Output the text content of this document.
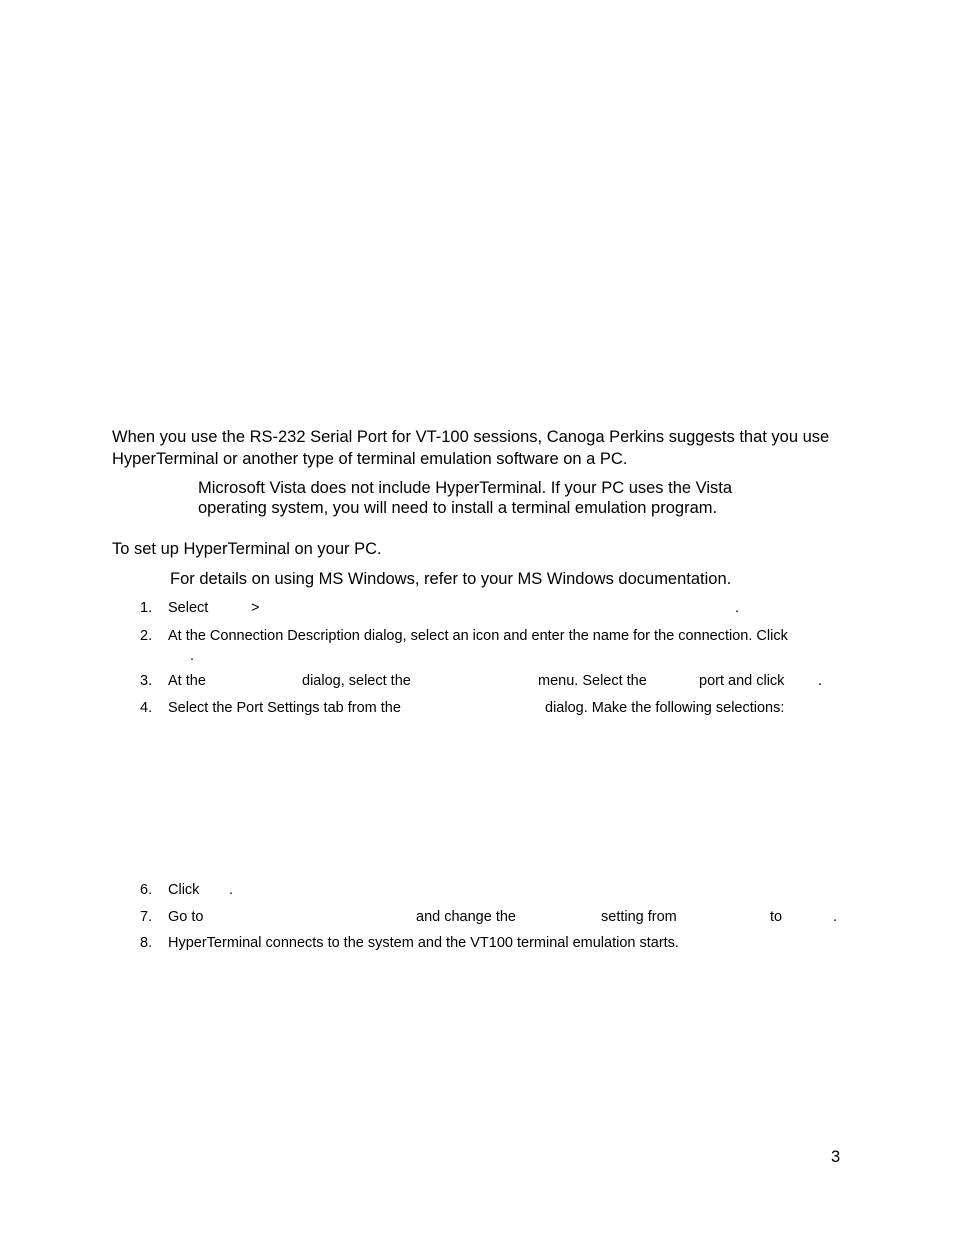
When you use the RS-232 Serial Port for VT-100 sessions, Canoga Perkins suggests that you use HyperTerminal or another type of terminal emulation software on a PC.
Microsoft Vista does not include HyperTerminal. If your PC uses the Vista operating system, you will need to install a terminal emulation program.
To set up HyperTerminal on your PC.
For details on using MS Windows, refer to your MS Windows documentation.
1. Select	>	.
2. At the Connection Description dialog, select an icon and enter the name for the connection. Click
.
3. At the	dialog, select the	menu. Select the	port and click .
4. Select the Port Settings tab from the	dialog. Make the following selections:
6. Click .
7. Go to	and change the	setting from	to	.
8. HyperTerminal connects to the system and the VT100 terminal emulation starts.
3
